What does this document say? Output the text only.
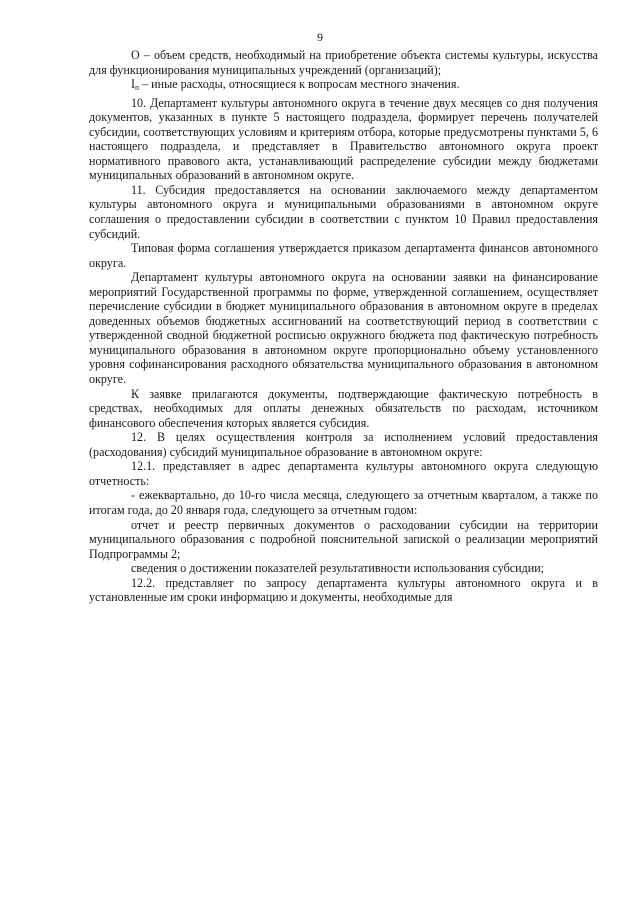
9

O – объем средств, необходимый на приобретение объекта системы культуры, искусства для функционирования муниципальных учреждений (организаций);

$I_n$ – иные расходы, относящиеся к вопросам местного значения.

10. Департамент культуры автономного округа в течение двух месяцев со дня получения документов, указанных в пункте 5 настоящего подраздела, формирует перечень получателей субсидии, соответствующих условиям и критериям отбора, которые предусмотрены пунктами 5, 6 настоящего подраздела, и представляет в Правительство автономного округа проект нормативного правового акта, устанавливающий распределение субсидии между бюджетами муниципальных образований в автономном округе.

11. Субсидия предоставляется на основании заключаемого между департаментом культуры автономного округа и муниципальными образованиями в автономном округе соглашения о предоставлении субсидии в соответствии с пунктом 10 Правил предоставления субсидий.

Типовая форма соглашения утверждается приказом департамента финансов автономного округа.

Департамент культуры автономного округа на основании заявки на финансирование мероприятий Государственной программы по форме, утвержденной соглашением, осуществляет перечисление субсидии в бюджет муниципального образования в автономном округе в пределах доведенных объемов бюджетных ассигнований на соответствующий период в соответствии с утвержденной сводной бюджетной росписью окружного бюджета под фактическую потребность муниципального образования в автономном округе пропорционально объему установленного уровня софинансирования расходного обязательства муниципального образования в автономном округе.

К заявке прилагаются документы, подтверждающие фактическую потребность в средствах, необходимых для оплаты денежных обязательств по расходам, источником финансового обеспечения которых является субсидия.

12. В целях осуществления контроля за исполнением условий предоставления (расходования) субсидий муниципальное образование в автономном округе:

12.1. представляет в адрес департамента культуры автономного округа следующую отчетность:

- ежеквартально, до 10-го числа месяца, следующего за отчетным кварталом, а также по итогам года, до 20 января года, следующего за отчетным годом:

отчет и реестр первичных документов о расходовании субсидии на территории муниципального образования с подробной пояснительной запиской о реализации мероприятий Подпрограммы 2;

сведения о достижении показателей результативности использования субсидии;

12.2. представляет по запросу департамента культуры автономного округа и в установленные им сроки информацию и документы, необходимые для
